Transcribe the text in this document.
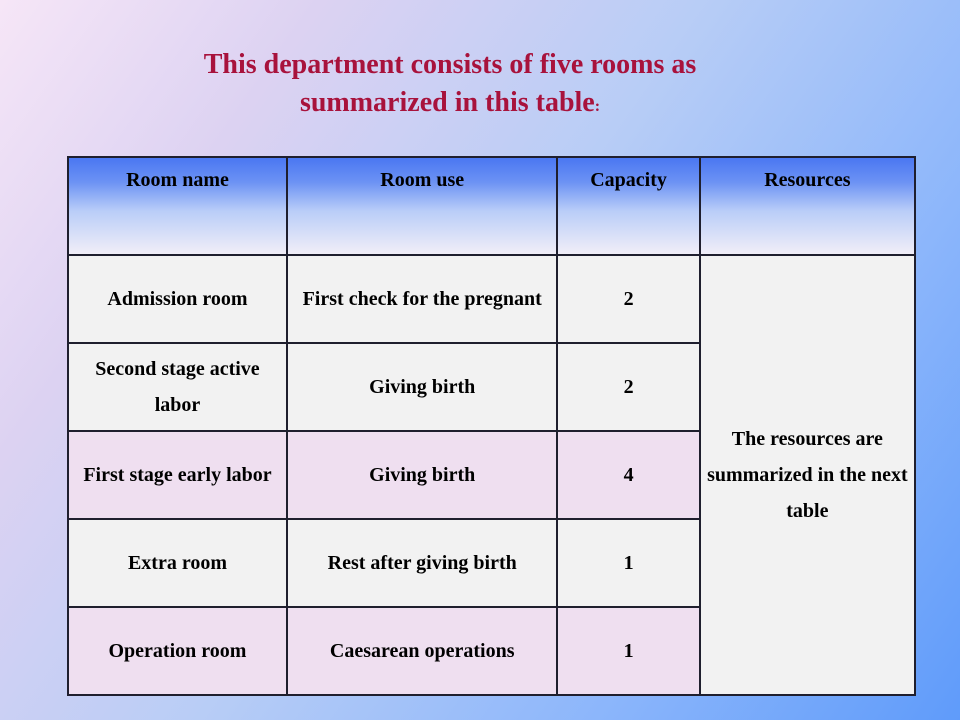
This department consists of five rooms as
summarized in this table:
Room name	Room use	Capacity	Resources
Admission room	First check for the pregnant	2	The resources are summarized in the next table
Second stage active labor	Giving birth	2	
First stage early labor	Giving birth	4	
Extra room	Rest after giving birth	1	
Operation room	Caesarean operations	1	
